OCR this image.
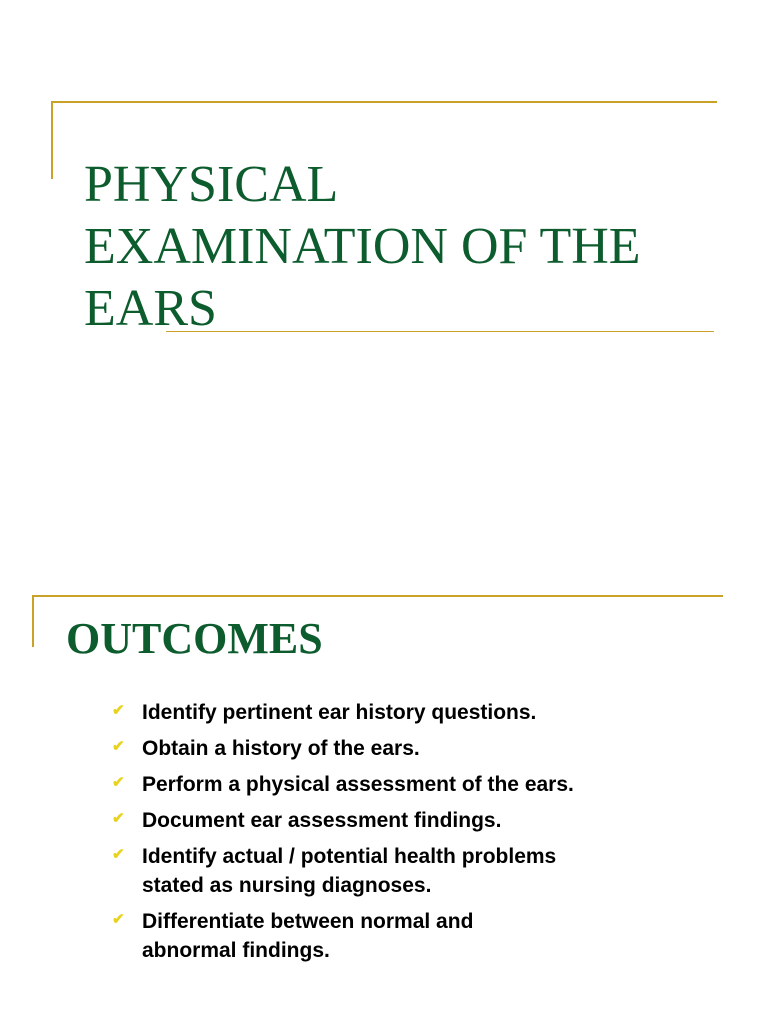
PHYSICAL
EXAMINATION OF THE
EARS
OUTCOMES
✔ Identify pertinent ear history questions.
✔ Obtain a history of the ears.
✔ Perform a physical assessment of the ears.
✔ Document ear assessment findings.
✔ Identify actual / potential health problems
stated as nursing diagnoses.
✔ Differentiate between normal and
abnormal findings.
